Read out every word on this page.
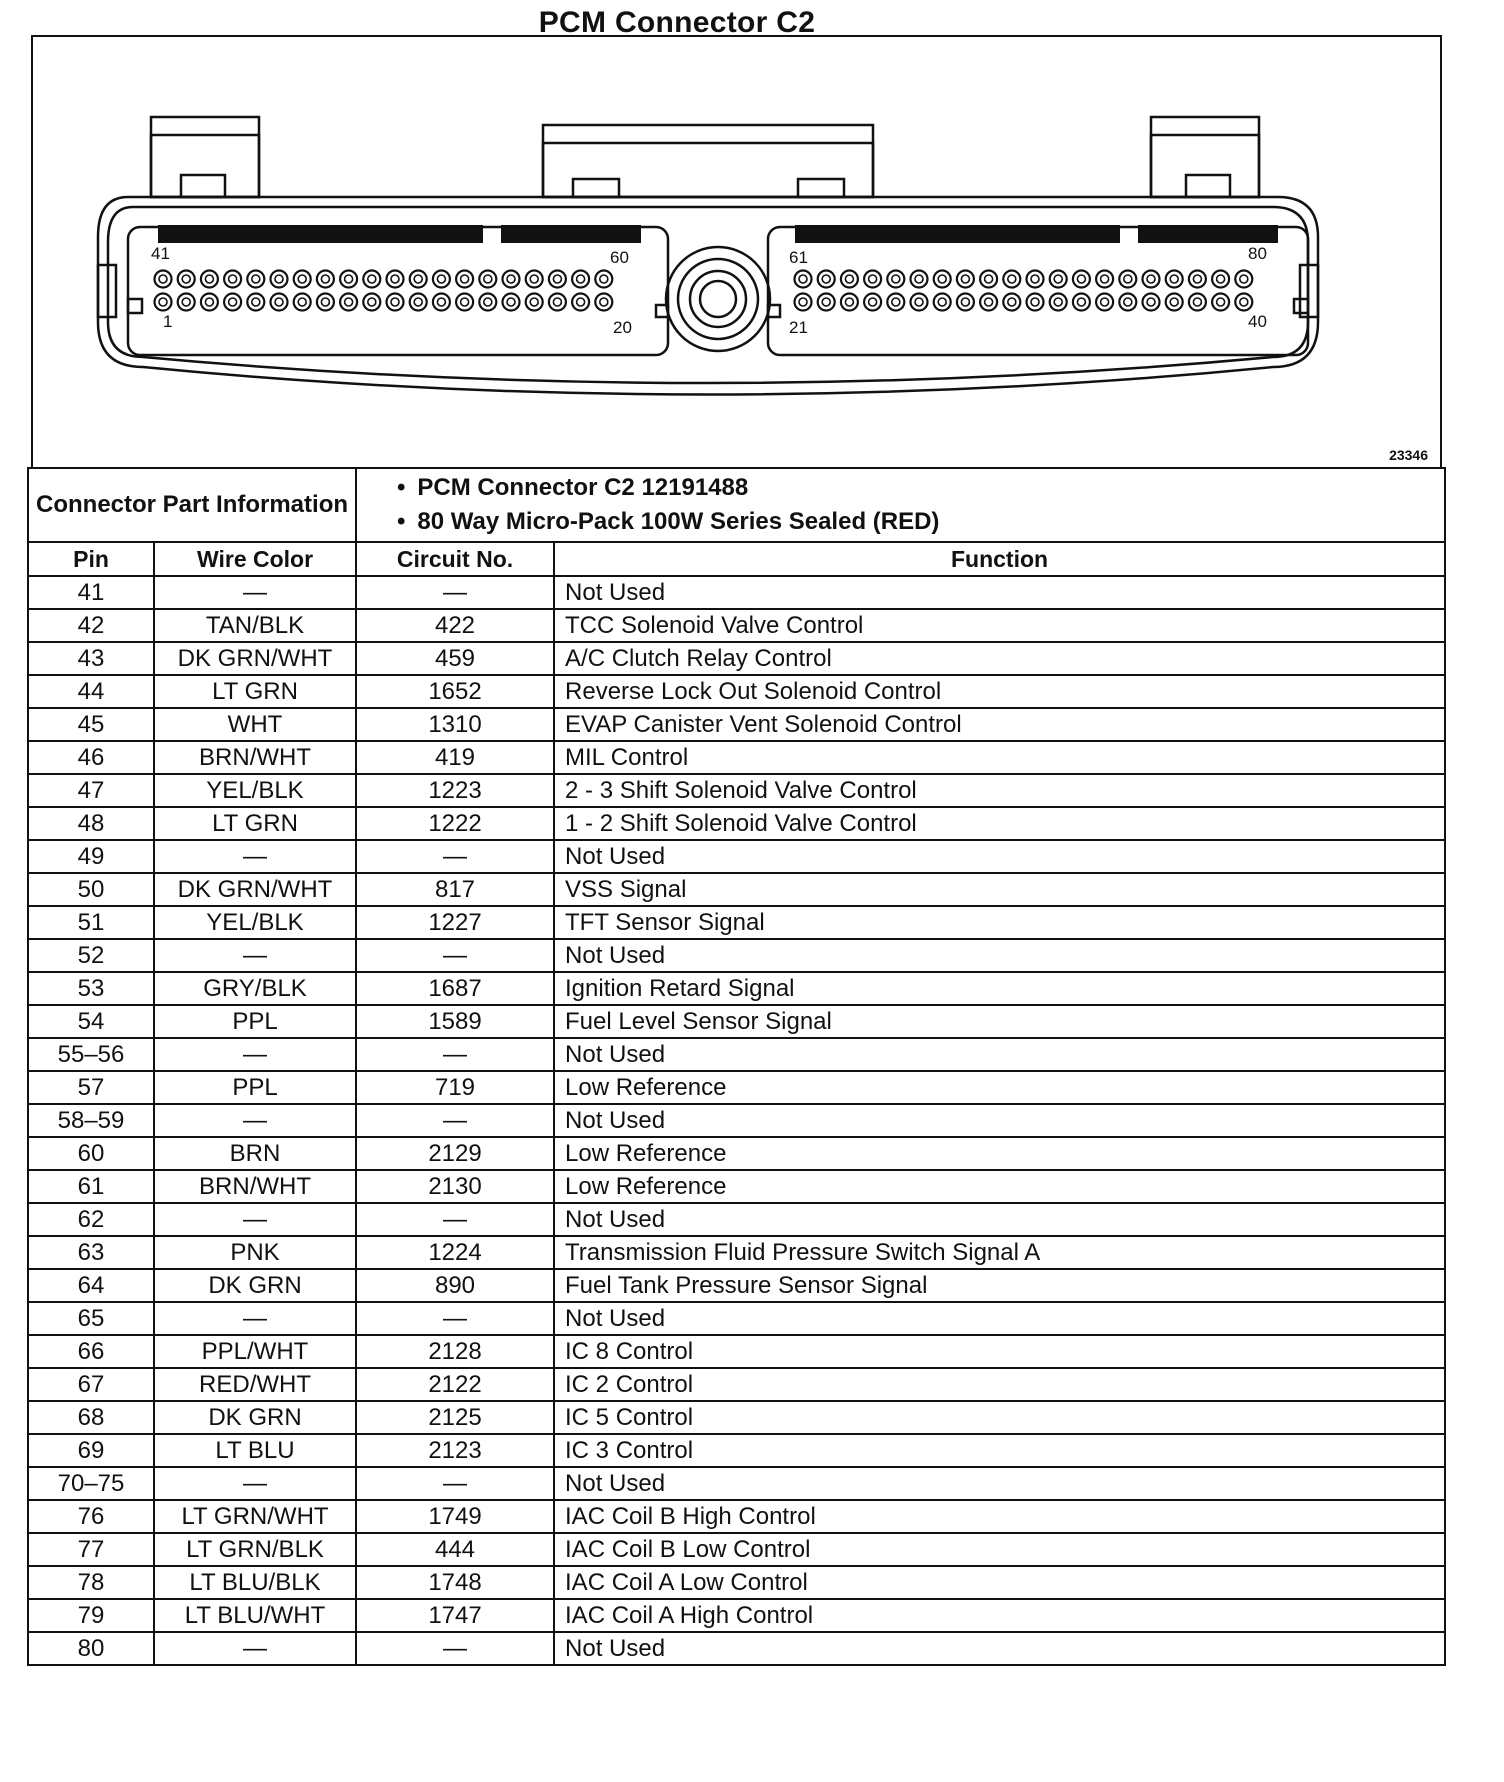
PCM Connector C2
41	60
1	20
61	80
21	40
23346
Connector Part Information		• PCM Connector C2 12191488
• 80 Way Micro-Pack 100W Series Sealed (RED)

Pin	Wire Color	Circuit No.	Function
41	—	—	Not Used
42	TAN/BLK	422	TCC Solenoid Valve Control
43	DK GRN/WHT	459	A/C Clutch Relay Control
44	LT GRN	1652	Reverse Lock Out Solenoid Control
45	WHT	1310	EVAP Canister Vent Solenoid Control
46	BRN/WHT	419	MIL Control
47	YEL/BLK	1223	2 - 3 Shift Solenoid Valve Control
48	LT GRN	1222	1 - 2 Shift Solenoid Valve Control
49	—	—	Not Used
50	DK GRN/WHT	817	VSS Signal
51	YEL/BLK	1227	TFT Sensor Signal
52	—	—	Not Used
53	GRY/BLK	1687	Ignition Retard Signal
54	PPL	1589	Fuel Level Sensor Signal
55–56	—	—	Not Used
57	PPL	719	Low Reference
58–59	—	—	Not Used
60	BRN	2129	Low Reference
61	BRN/WHT	2130	Low Reference
62	—	—	Not Used
63	PNK	1224	Transmission Fluid Pressure Switch Signal A
64	DK GRN	890	Fuel Tank Pressure Sensor Signal
65	—	—	Not Used
66	PPL/WHT	2128	IC 8 Control
67	RED/WHT	2122	IC 2 Control
68	DK GRN	2125	IC 5 Control
69	LT BLU	2123	IC 3 Control
70–75	—	—	Not Used
76	LT GRN/WHT	1749	IAC Coil B High Control
77	LT GRN/BLK	444	IAC Coil B Low Control
78	LT BLU/BLK	1748	IAC Coil A Low Control
79	LT BLU/WHT	1747	IAC Coil A High Control
80	—	—	Not Used
